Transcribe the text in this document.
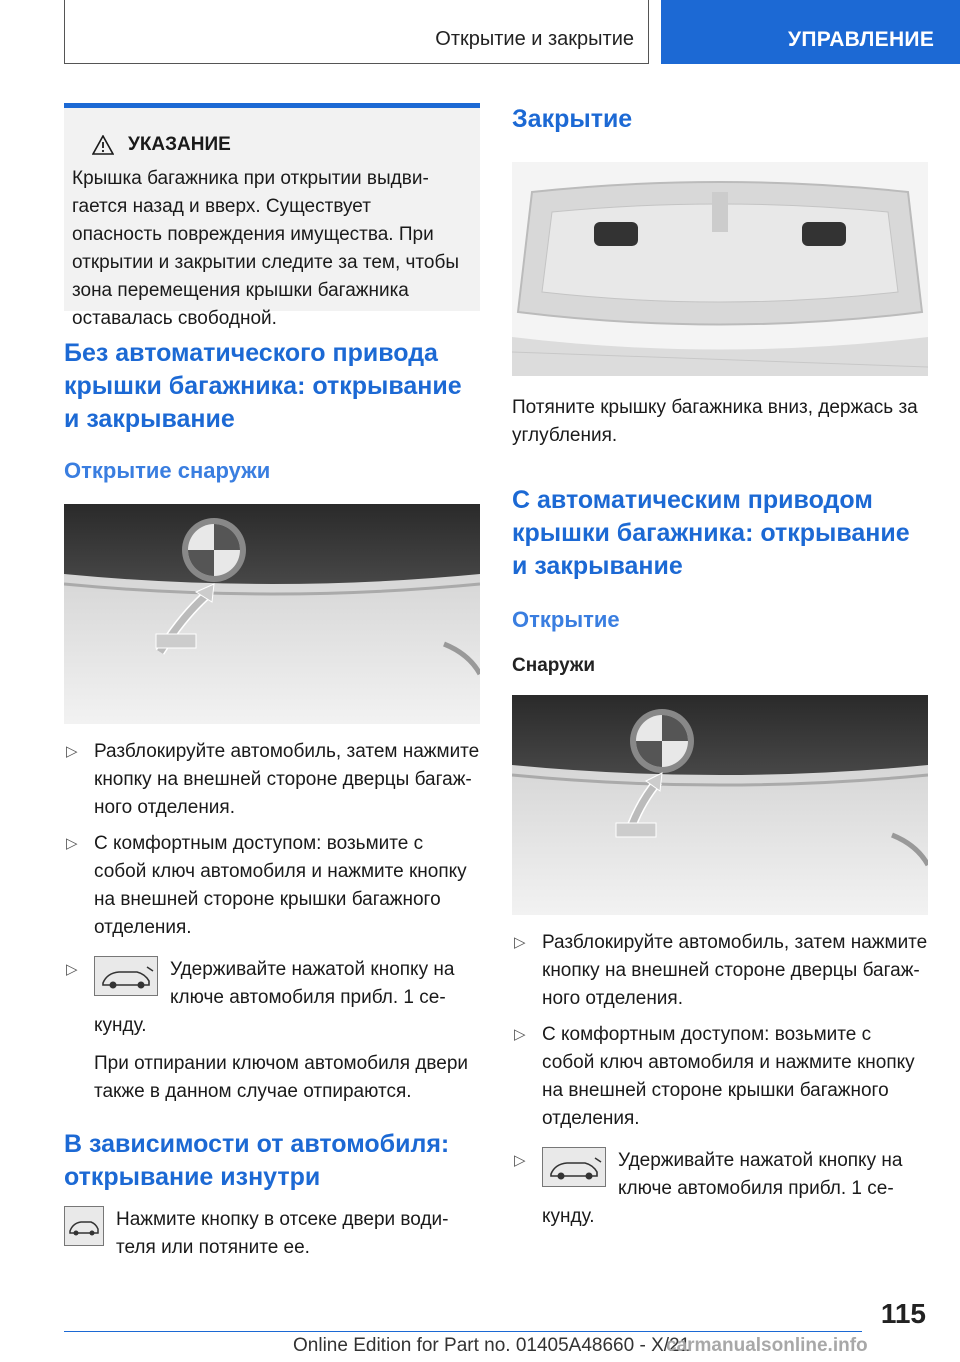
Открытие и закрытие	УПРАВЛЕНИЕ
УКАЗАНИЕ
Крышка багажника при открытии выдвигается назад и вверх. Существует опасность повреждения имущества. При открытии и закрытии следите за тем, чтобы зона перемещения крышки багажника оставалась свободной.
Без автоматического привода крышки багажника: открывание и закрывание
Открытие снаружи
▷ Разблокируйте автомобиль, затем нажмите кнопку на внешней стороне дверцы багажного отделения.
▷ С комфортным доступом: возьмите с собой ключ автомобиля и нажмите кнопку на внешней стороне крышки багажного отделения.
▷	Удерживайте нажатой кнопку на ключе автомобиля прибл. 1 секунду.

При отпирании ключом автомобиля двери также в данном случае отпираются.

В зависимости от автомобиля: открывание изнутри

Нажмите кнопку в отсеке двери водителя или потяните ее.

Закрытие

Потяните крышку багажника вниз, держась за углубления.

С автоматическим приводом крышки багажника: открывание и закрывание
Открытие
Снаружи
▷ Разблокируйте автомобиль, затем нажмите кнопку на внешней стороне дверцы багажного отделения.
▷ С комфортным доступом: возьмите с собой ключ автомобиля и нажмите кнопку на внешней стороне крышки багажного отделения.
▷	Удерживайте нажатой кнопку на ключе автомобиля прибл. 1 секунду.
115
Online Edition for Part no. 01405A48660 - X/21
carmanualsonline.info
